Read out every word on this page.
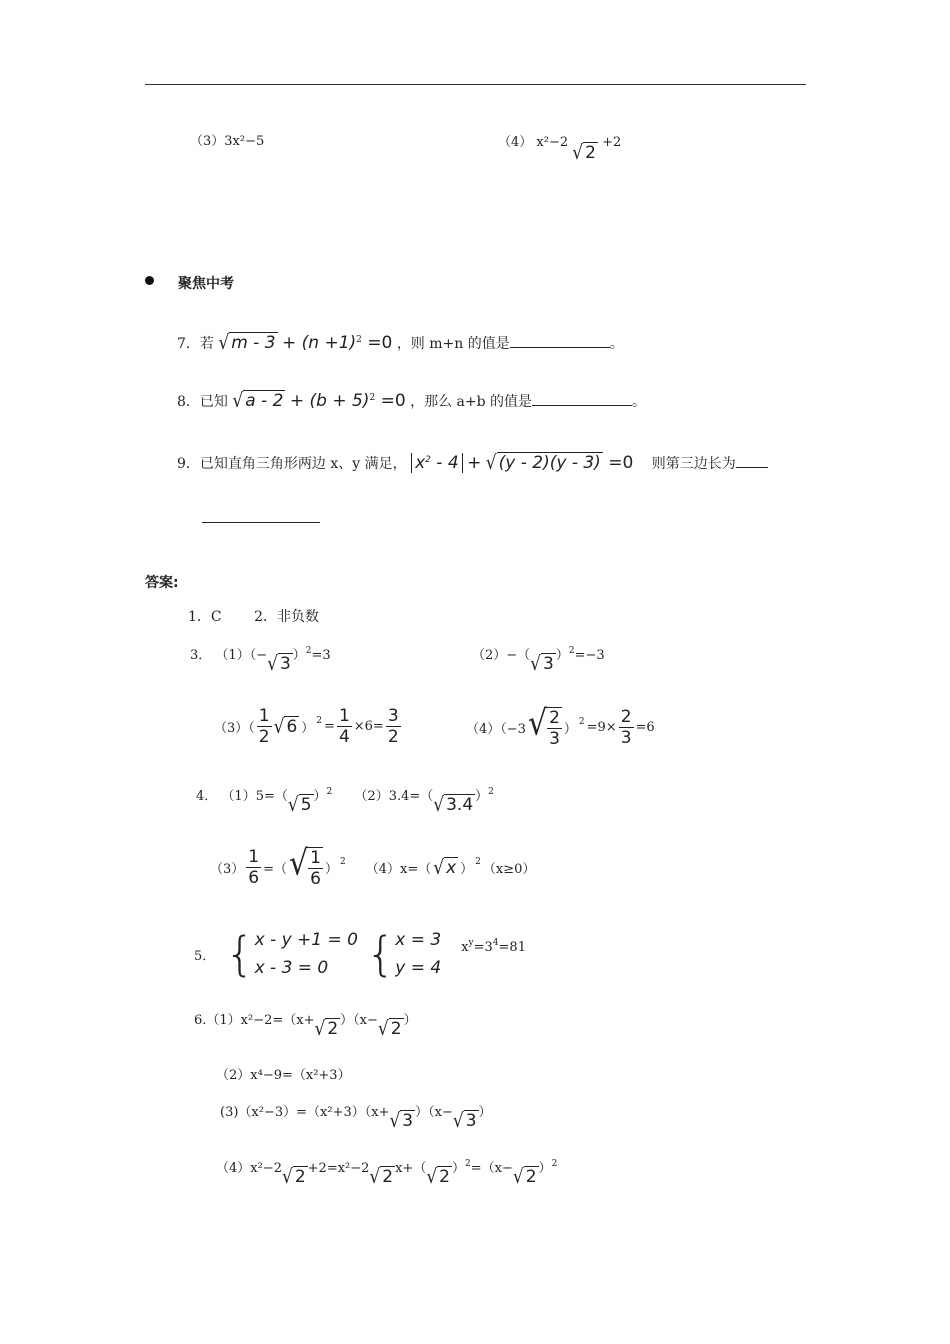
（3）3x²−5	（4） x²−2 √ 2 +2
聚焦中考
7．若 √ $m - 3 + (n +1)^2 =0$ ，则 m+n 的值是	。
8．已知 √ $a - 2 + (b + 5)^2 =0$ ，那么 a+b 的值是	。
9．已知直角三角形两边 x、y 满足， $x^2 - 4$ + √ (y - 2)(y - 3) =0 则第三边长为
答案:
1．C 2．非负数
3． （1）（−√ 3 ）$^2$=3	（2）−（√ 3 ）$^2$=−3
$(3)( \frac{1}{2}$ √ 6 ）
$2 = \frac{1}{4} \times 6= \frac{3}{2}$	（4）（−3 √ $\frac{2}{3}$ ）
$2 =9\times \frac{2}{3} =6$
4． （1）5=（√ 5 ）$^2$ （2）3.4=（√ 3.4 ）$^2$
$(3) \frac{1}{6}$ =（ √ $\frac{1}{6}$ ）
2
（4）x=（ √ x ）
2
（x≥0）
5． { x - y +1 = 0
x - 3 = 0 { x = 3
y = 4
$x^y=3^4=81$
6.（1）x²−2=（x+√ 2 ）（x−√ 2 ）
（2）x⁴−9=（x²+3）
(3)（x²−3）=（x²+3）（x+√ 3 ）（x−√ 3 ）
（4）x²−2√ 2 +2=x²−2√ 2 x+（√ 2 ）$^2$=（x−√ 2 ）$^2$
